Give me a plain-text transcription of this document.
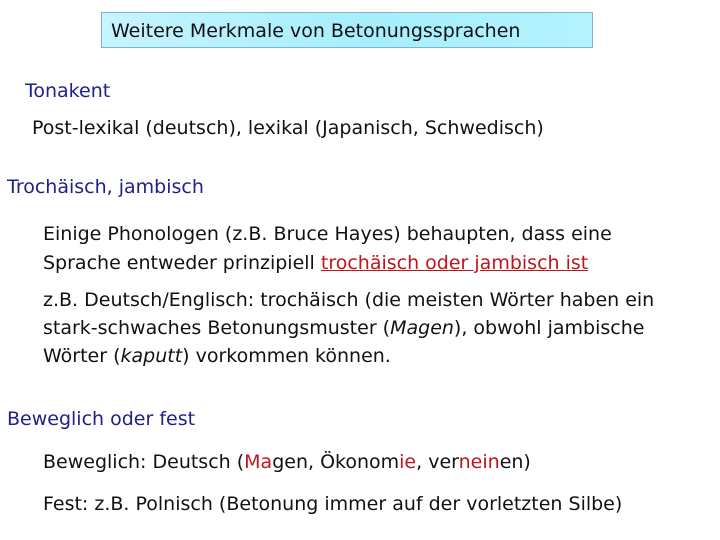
Weitere Merkmale von Betonungssprachen
Tonakent
Post-lexikal (deutsch), lexikal (Japanisch, Schwedisch)
Trochäisch, jambisch
Einige Phonologen (z.B. Bruce Hayes) behaupten, dass eine
Sprache entweder prinzipiell trochäisch oder jambisch ist
z.B. Deutsch/Englisch: trochäisch (die meisten Wörter haben ein
stark-schwaches Betonungsmuster (Magen), obwohl jambische
Wörter (kaputt) vorkommen können.
Beweglich oder fest
Beweglich: Deutsch (Magen, Ökonomie, verneinen)
Fest: z.B. Polnisch (Betonung immer auf der vorletzten Silbe)
